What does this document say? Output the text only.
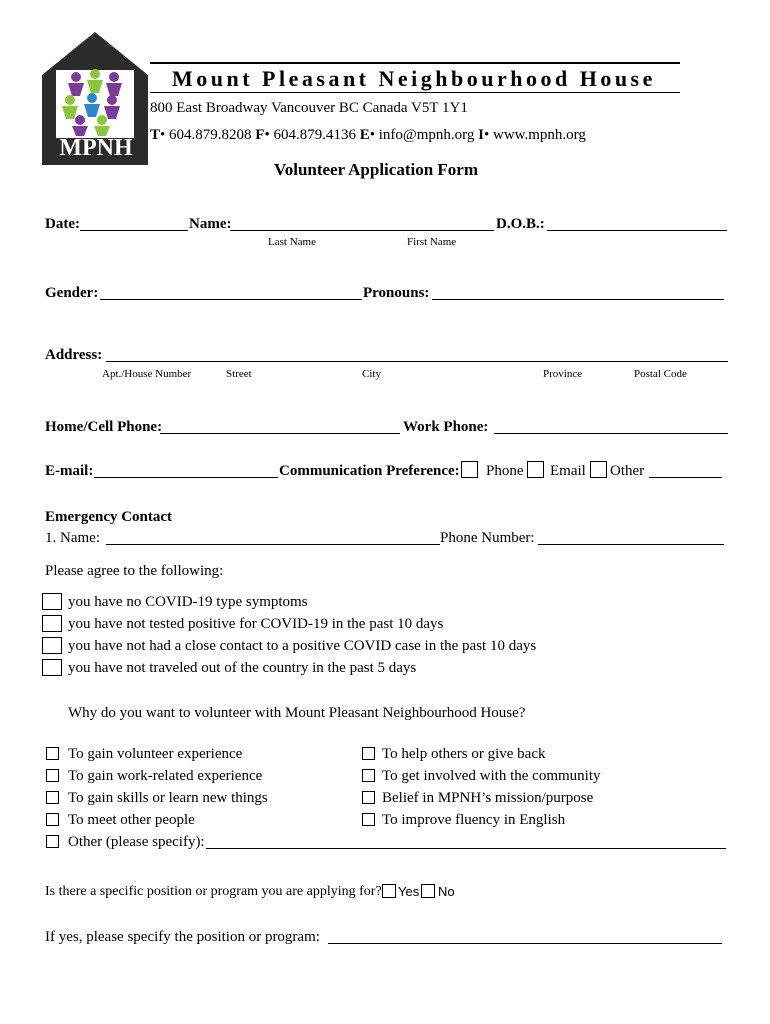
MPNH
Mount Pleasant Neighbourhood House
800 East Broadway Vancouver BC Canada V5T 1Y1
T• 604.879.8208 F• 604.879.4136 E• info@mpnh.org I• www.mpnh.org
Volunteer Application Form
Date:	Name:	D.O.B.:
Last Name	First Name
Gender:	Pronouns:
Address:
Apt./House Number	Street	City	Province	Postal Code
Home/Cell Phone:	Work Phone:
E-mail:	Communication Preference: Phone Email Other
Emergency Contact
1. Name:	Phone Number:
Please agree to the following:
you have no COVID-19 type symptoms
you have not tested positive for COVID-19 in the past 10 days
you have not had a close contact to a positive COVID case in the past 10 days
you have not traveled out of the country in the past 5 days
Why do you want to volunteer with Mount Pleasant Neighbourhood House?
To gain volunteer experience
To gain work-related experience
To gain skills or learn new things
To meet other people
To help others or give back
To get involved with the community
Belief in MPNH’s mission/purpose
To improve fluency in English
Other (please specify):
Is there a specific position or program you are applying for? Yes No
If yes, please specify the position or program:
